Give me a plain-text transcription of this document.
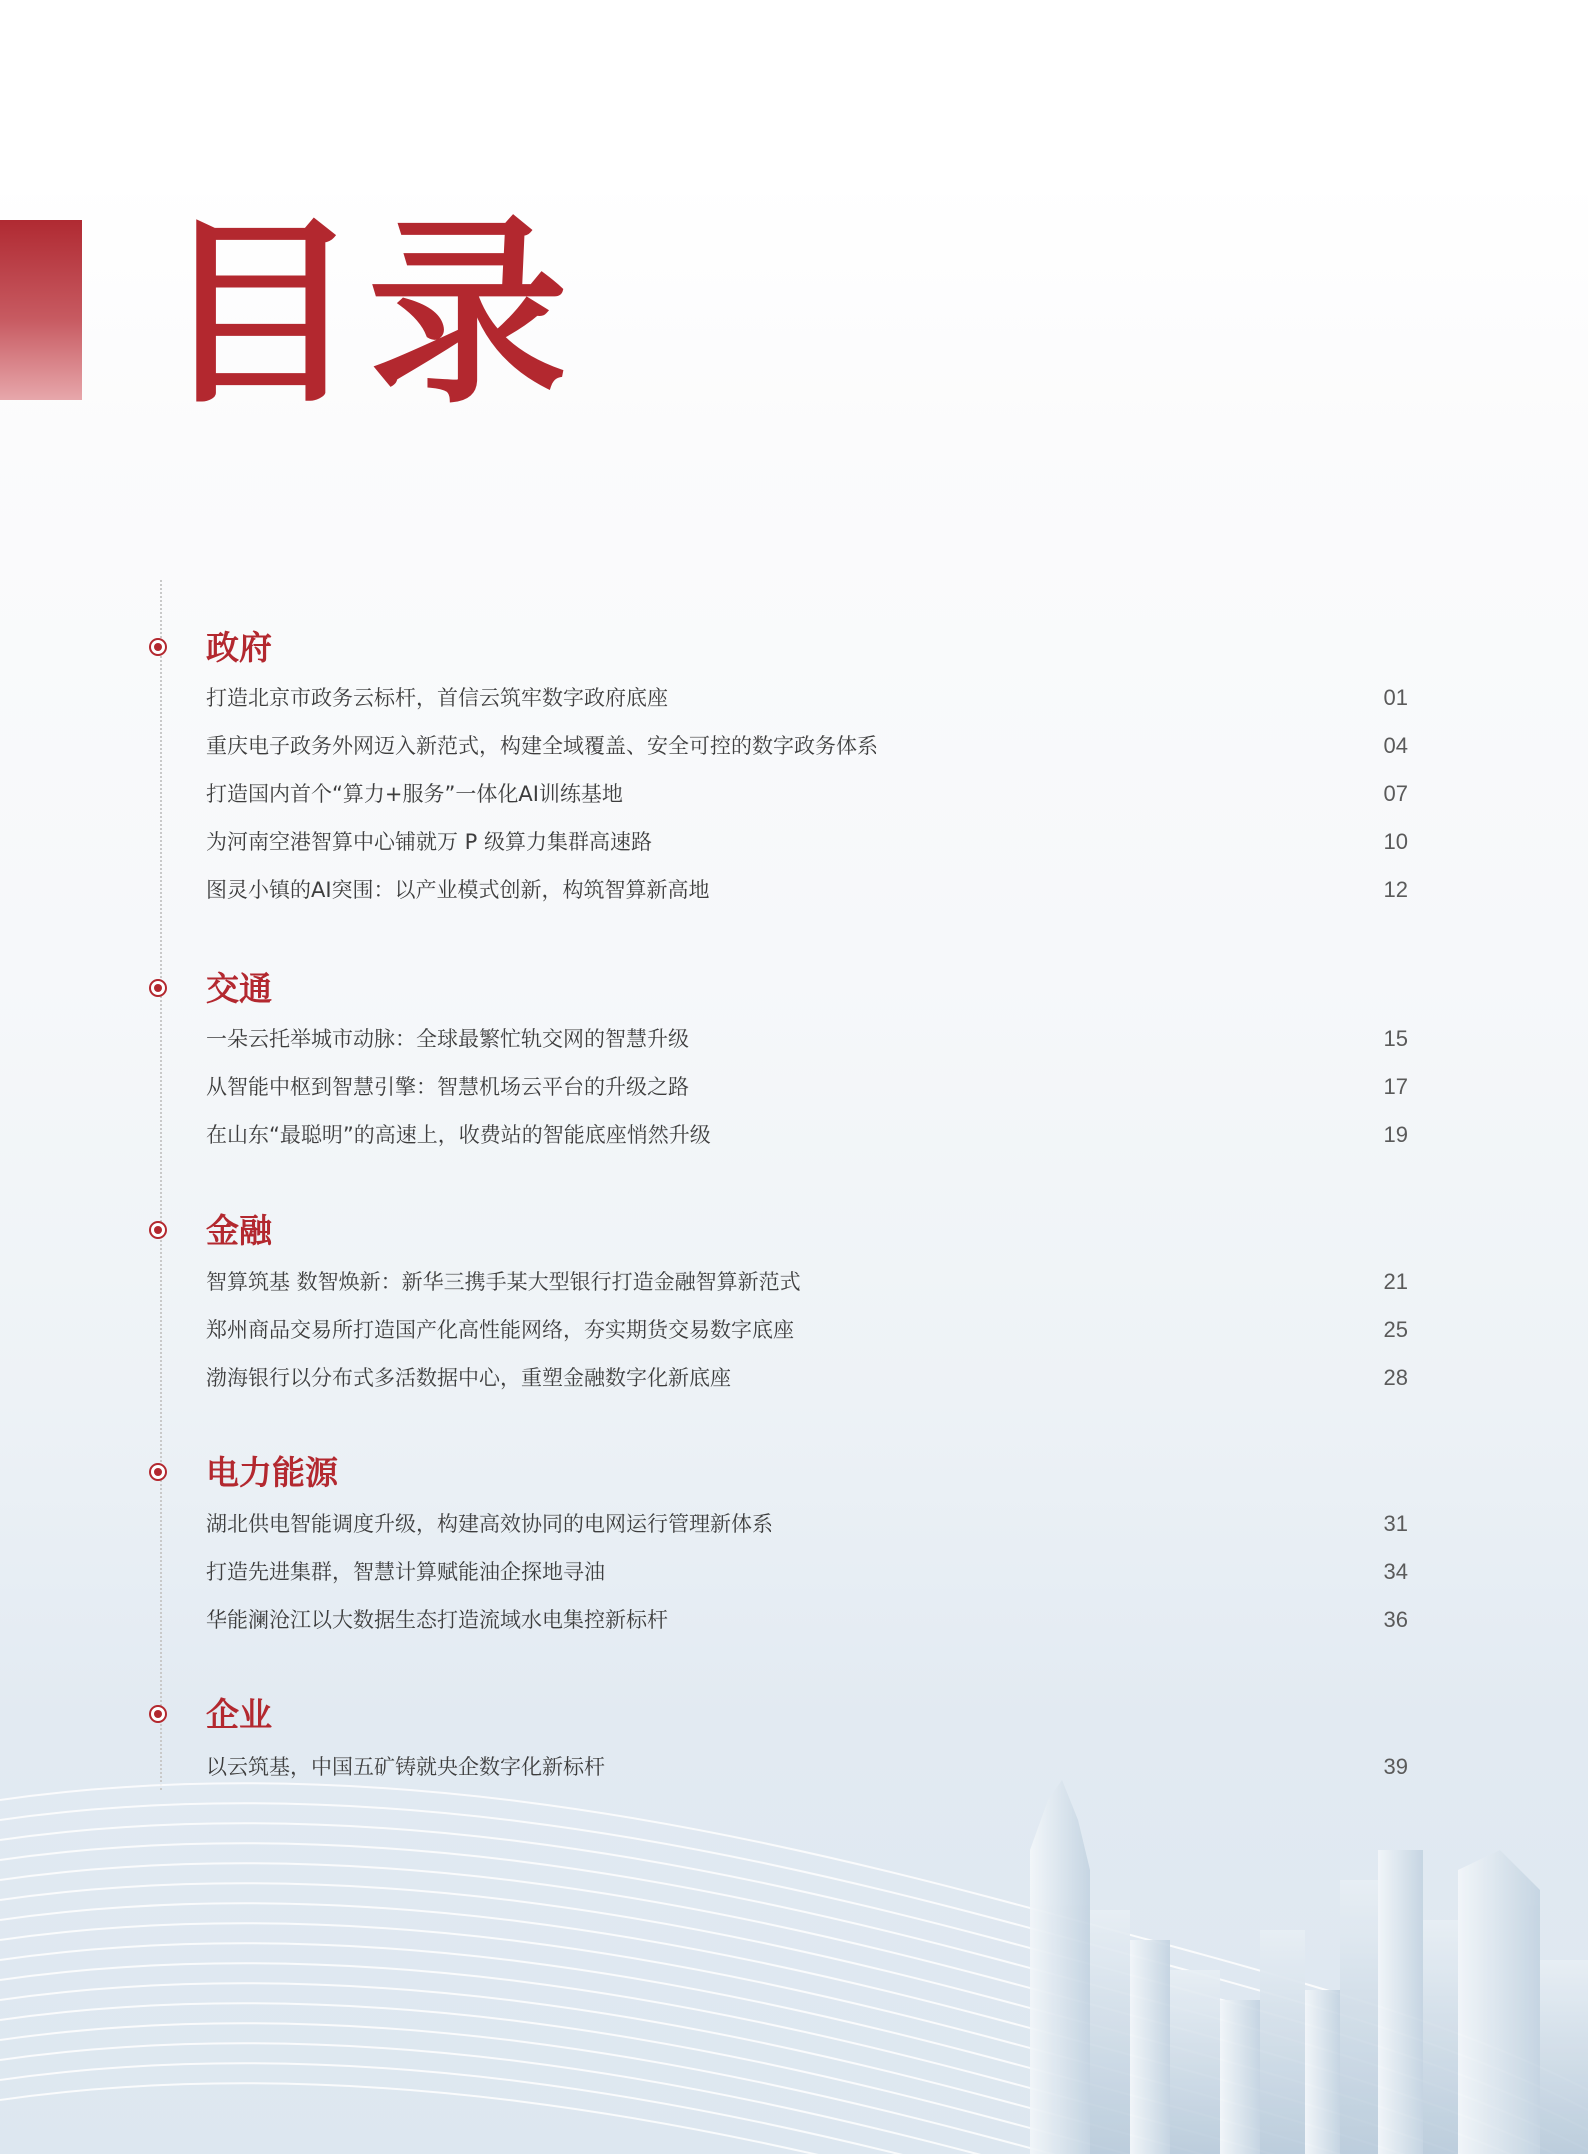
目录
政府
打造北京市政务云标杆，首信云筑牢数字政府底座	01
重庆电子政务外网迈入新范式，构建全域覆盖、安全可控的数字政务体系	04
打造国内首个“算力+服务”一体化AI训练基地	07
为河南空港智算中心铺就万 P 级算力集群高速路	10
图灵小镇的AI突围：以产业模式创新，构筑智算新高地	12
交通
一朵云托举城市动脉：全球最繁忙轨交网的智慧升级	15
从智能中枢到智慧引擎：智慧机场云平台的升级之路	17
在山东“最聪明”的高速上，收费站的智能底座悄然升级	19
金融
智算筑基 数智焕新：新华三携手某大型银行打造金融智算新范式	21
郑州商品交易所打造国产化高性能网络，夯实期货交易数字底座	25
渤海银行以分布式多活数据中心，重塑金融数字化新底座	28
电力能源
湖北供电智能调度升级，构建高效协同的电网运行管理新体系	31
打造先进集群，智慧计算赋能油企探地寻油	34
华能澜沧江以大数据生态打造流域水电集控新标杆	36
企业
以云筑基，中国五矿铸就央企数字化新标杆	39
